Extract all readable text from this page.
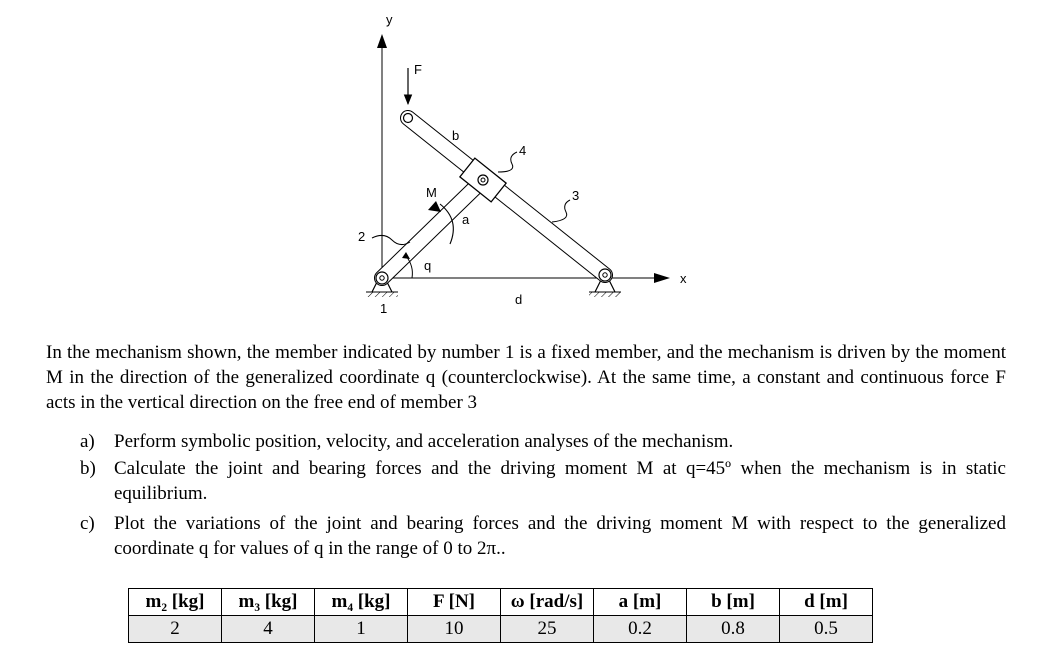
y
x
F
M
q
a
b
d
1
2
3
4

In the mechanism shown, the member indicated by number 1 is a fixed member, and the mechanism is driven by the moment M in the direction of the generalized coordinate q (counterclockwise). At the same time, a constant and continuous force F acts in the vertical direction on the free end of member 3

a) Perform symbolic position, velocity, and acceleration analyses of the mechanism.
b) Calculate the joint and bearing forces and the driving moment M at q=45º when the mechanism is in static equilibrium.
c) Plot the variations of the joint and bearing forces and the driving moment M with respect to the generalized coordinate q for values of q in the range of 0 to 2π..
m₂ [kg]	m₃ [kg]	m₄ [kg]	F [N]	ω [rad/s]	a [m]	b [m]	d [m]
2	4	1	10	25	0.2	0.8	0.5
